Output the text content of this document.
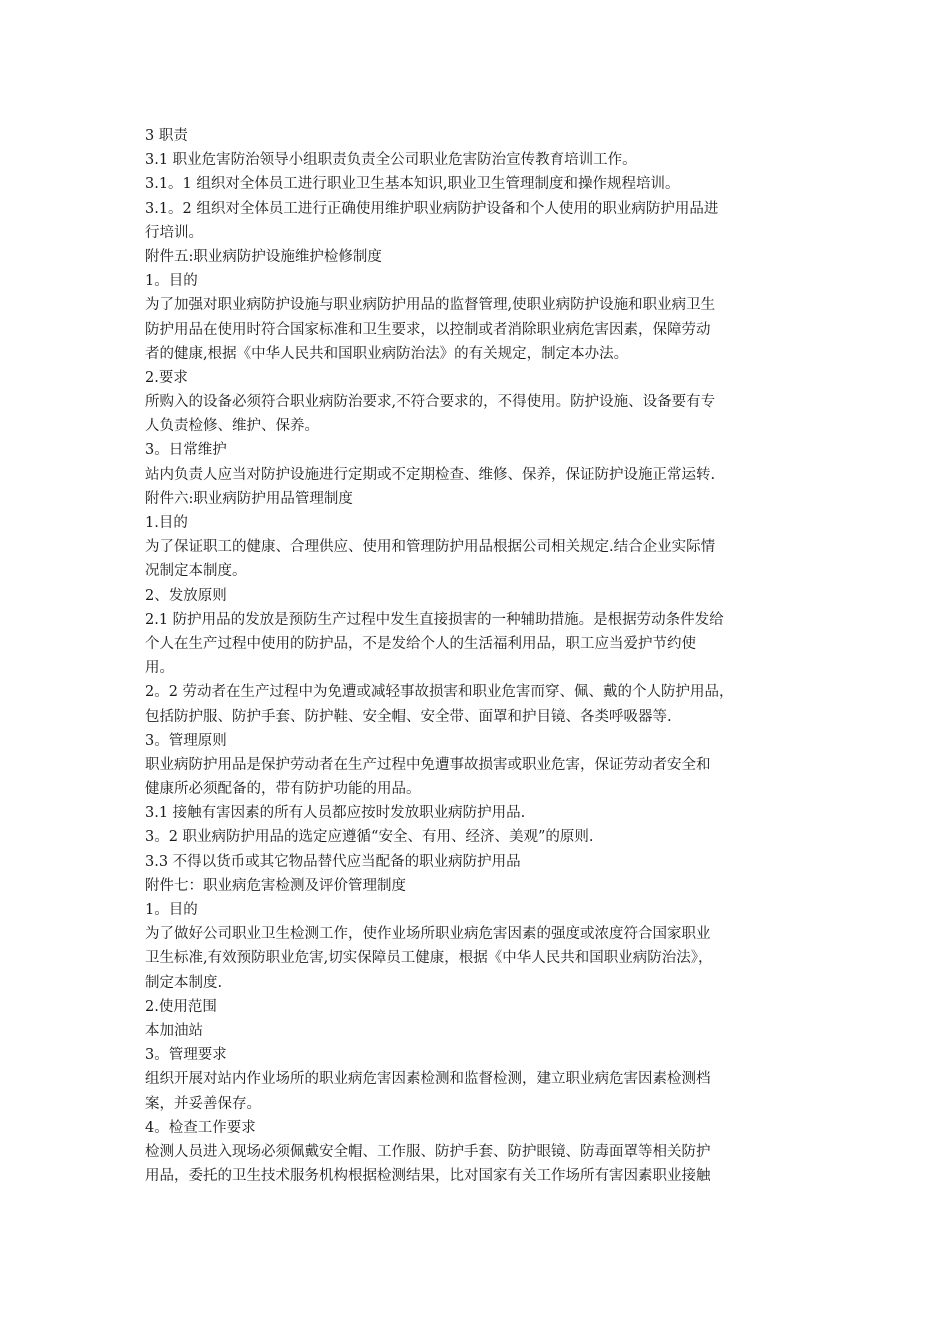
3 职责
3.1 职业危害防治领导小组职责负责全公司职业危害防治宣传教育培训工作。
3.1。1 组织对全体员工进行职业卫生基本知识,职业卫生管理制度和操作规程培训。
3.1。2 组织对全体员工进行正确使用维护职业病防护设备和个人使用的职业病防护用品进
行培训。
附件五:职业病防护设施维护检修制度
1。目的
为了加强对职业病防护设施与职业病防护用品的监督管理,使职业病防护设施和职业病卫生
防护用品在使用时符合国家标准和卫生要求，以控制或者消除职业病危害因素，保障劳动
者的健康,根据《中华人民共和国职业病防治法》的有关规定，制定本办法。
2.要求
所购入的设备必须符合职业病防治要求,不符合要求的，不得使用。防护设施、设备要有专
人负责检修、维护、保养。
3。日常维护
站内负责人应当对防护设施进行定期或不定期检查、维修、保养，保证防护设施正常运转.
附件六:职业病防护用品管理制度
1.目的
为了保证职工的健康、合理供应、使用和管理防护用品根据公司相关规定.结合企业实际情
况制定本制度。
2、发放原则
2.1 防护用品的发放是预防生产过程中发生直接损害的一种辅助措施。是根据劳动条件发给
个人在生产过程中使用的防护品，不是发给个人的生活福利用品，职工应当爱护节约使
用。
2。2 劳动者在生产过程中为免遭或减轻事故损害和职业危害而穿、佩、戴的个人防护用品，
包括防护服、防护手套、防护鞋、安全帽、安全带、面罩和护目镜、各类呼吸器等.
3。管理原则
职业病防护用品是保护劳动者在生产过程中免遭事故损害或职业危害，保证劳动者安全和
健康所必须配备的，带有防护功能的用品。
3.1 接触有害因素的所有人员都应按时发放职业病防护用品.
3。2 职业病防护用品的选定应遵循“安全、有用、经济、美观”的原则.
3.3 不得以货币或其它物品替代应当配备的职业病防护用品
附件七：职业病危害检测及评价管理制度
1。目的
为了做好公司职业卫生检测工作，使作业场所职业病危害因素的强度或浓度符合国家职业
卫生标准,有效预防职业危害,切实保障员工健康，根据《中华人民共和国职业病防治法》，
制定本制度.
2.使用范围
本加油站
3。管理要求
组织开展对站内作业场所的职业病危害因素检测和监督检测，建立职业病危害因素检测档
案，并妥善保存。
4。检查工作要求
检测人员进入现场必须佩戴安全帽、工作服、防护手套、防护眼镜、防毒面罩等相关防护
用品，委托的卫生技术服务机构根据检测结果，比对国家有关工作场所有害因素职业接触
